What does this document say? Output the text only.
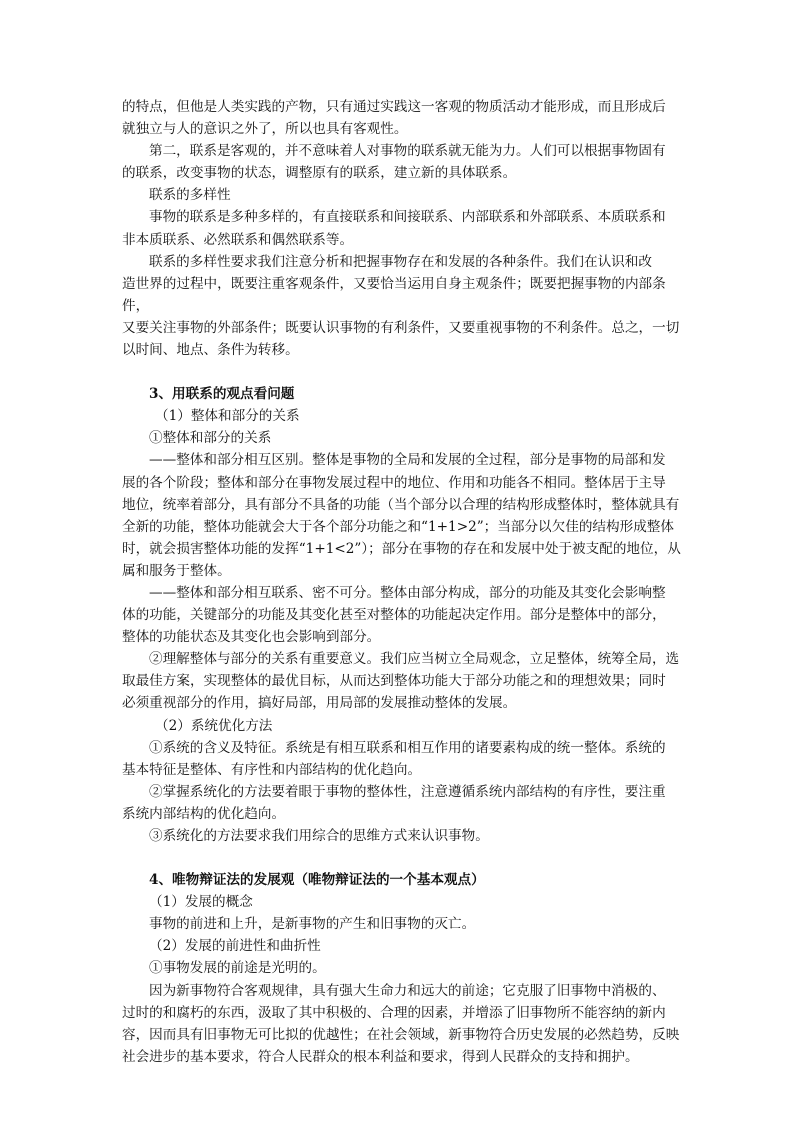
的特点，但他是人类实践的产物，只有通过实践这一客观的物质活动才能形成，而且形成后
就独立与人的意识之外了，所以也具有客观性。
第二，联系是客观的，并不意味着人对事物的联系就无能为力。人们可以根据事物固有
的联系，改变事物的状态，调整原有的联系，建立新的具体联系。
联系的多样性
事物的联系是多种多样的，有直接联系和间接联系、内部联系和外部联系、本质联系和
非本质联系、必然联系和偶然联系等。
联系的多样性要求我们注意分析和把握事物存在和发展的各种条件。我们在认识和改
造世界的过程中，既要注重客观条件，又要恰当运用自身主观条件；既要把握事物的内部条
件，
又要关注事物的外部条件；既要认识事物的有利条件，又要重视事物的不利条件。总之，一切
以时间、地点、条件为转移。
3、用联系的观点看问题
（1）整体和部分的关系
①整体和部分的关系
——整体和部分相互区别。整体是事物的全局和发展的全过程，部分是事物的局部和发
展的各个阶段；整体和部分在事物发展过程中的地位、作用和功能各不相同。整体居于主导
地位，统率着部分，具有部分不具备的功能（当个部分以合理的结构形成整体时，整体就具有
全新的功能，整体功能就会大于各个部分功能之和“1+1>2”；当部分以欠佳的结构形成整体
时，就会损害整体功能的发挥“1+1<2”）；部分在事物的存在和发展中处于被支配的地位，从
属和服务于整体。
——整体和部分相互联系、密不可分。整体由部分构成，部分的功能及其变化会影响整
体的功能，关键部分的功能及其变化甚至对整体的功能起决定作用。部分是整体中的部分，
整体的功能状态及其变化也会影响到部分。
②理解整体与部分的关系有重要意义。我们应当树立全局观念，立足整体，统筹全局，选
取最佳方案，实现整体的最优目标，从而达到整体功能大于部分功能之和的理想效果；同时
必须重视部分的作用，搞好局部，用局部的发展推动整体的发展。
（2）系统优化方法
①系统的含义及特征。系统是有相互联系和相互作用的诸要素构成的统一整体。系统的
基本特征是整体、有序性和内部结构的优化趋向。
②掌握系统化的方法要着眼于事物的整体性，注意遵循系统内部结构的有序性，要注重
系统内部结构的优化趋向。
③系统化的方法要求我们用综合的思维方式来认识事物。
4、唯物辩证法的发展观（唯物辩证法的一个基本观点）
（1）发展的概念
事物的前进和上升，是新事物的产生和旧事物的灭亡。
（2）发展的前进性和曲折性
①事物发展的前途是光明的。
因为新事物符合客观规律，具有强大生命力和远大的前途；它克服了旧事物中消极的、
过时的和腐朽的东西，汲取了其中积极的、合理的因素，并增添了旧事物所不能容纳的新内
容，因而具有旧事物无可比拟的优越性；在社会领域，新事物符合历史发展的必然趋势，反映
社会进步的基本要求，符合人民群众的根本利益和要求，得到人民群众的支持和拥护。
